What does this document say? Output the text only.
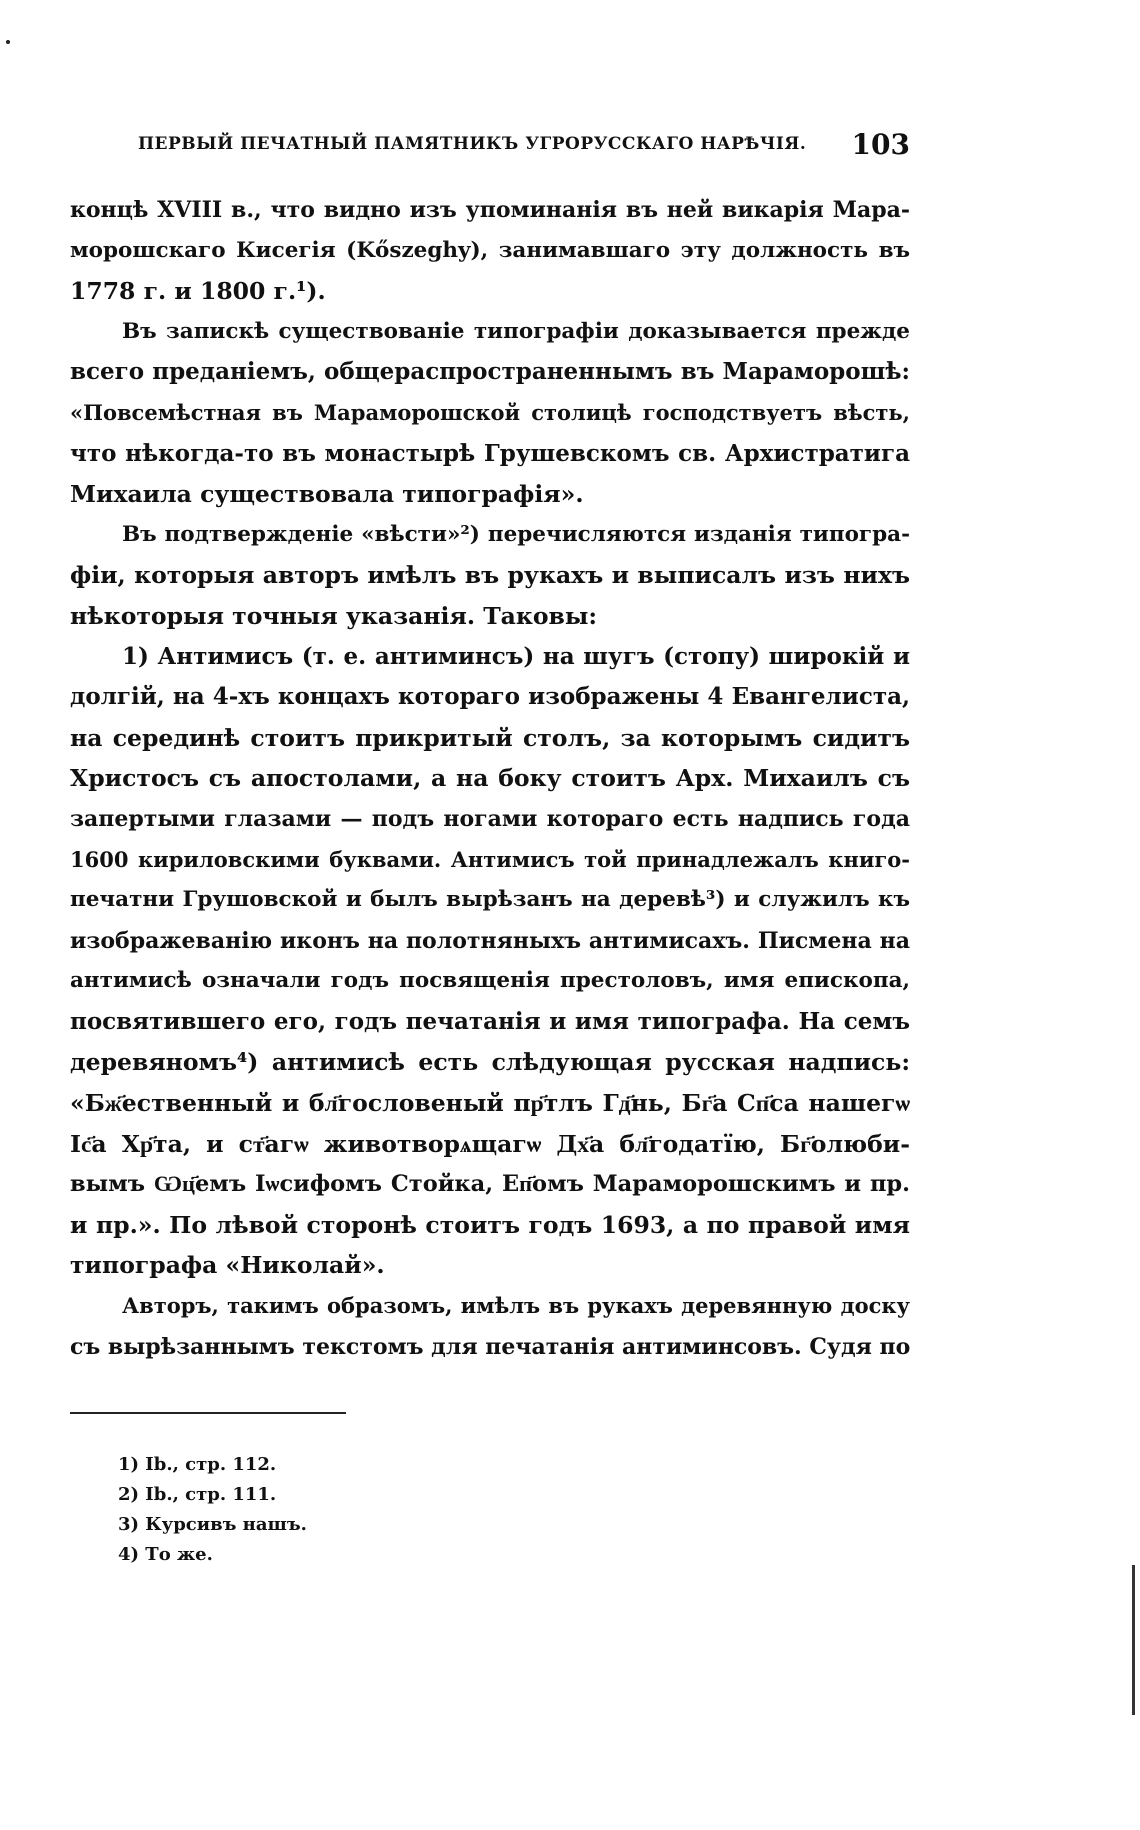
ПЕРВЫЙ ПЕЧАТНЫЙ ПАМЯТНИКЪ УГРОРУССКАГО НАРѢЧІЯ. 103
концѣ XVIII в., что видно изъ упоминанія въ ней викарія Мара-
морошскаго Кисегія (Kőszeghy), занимавшаго эту должность въ
1778 г. и 1800 г.¹).
Въ запискѣ существованіе типографіи доказывается прежде
всего преданіемъ, общераспространеннымъ въ Мараморошѣ:
«Повсемѣстная въ Мараморошской столицѣ господствуетъ вѣсть,
что нѣкогда-то въ монастырѣ Грушевскомъ св. Архистратига
Михаила существовала типографія».
Въ подтвержденіе «вѣсти»²) перечисляются изданія типогра-
фіи, которыя авторъ имѣлъ въ рукахъ и выписалъ изъ нихъ
нѣкоторыя точныя указанія. Таковы:
1) Антимисъ (т. е. антиминсъ) на шугъ (стопу) широкій и
долгій, на 4-хъ концахъ котораго изображены 4 Евангелиста,
на серединѣ стоитъ прикритый столъ, за которымъ сидитъ
Христосъ съ апостолами, а на боку стоитъ Арх. Михаилъ съ
запертыми глазами — подъ ногами котораго есть надпись года
1600 кириловскими буквами. Антимисъ той принадлежалъ книго-
печатни Грушовской и былъ вырѣзанъ на деревѣ³) и служилъ къ
изображеванію иконъ на полотняныхъ антимисахъ. Писмена на
антимисѣ означали годъ посвященія престоловъ, имя епископа,
посвятившего его, годъ печатанія и имя типографа. На семъ
деревяномъ⁴) антимисѣ есть слѣдующая русская надпись:
«Бж҃ественный и бл҃гословеный пр҃тлъ Гд҃нь, Бг҃а Сп҃са нашегѡ
Іс҃а Хр҃та, и ст҃агѡ животворѧщагѡ Дх҃а бл҃годатїю, Бг҃олюби-
вымъ Ѡц҃емъ Іѡсифомъ Стойка, Еп҃омъ Мараморошскимъ и пр.
и пр.». По лѣвой сторонѣ стоитъ годъ 1693, а по правой имя
типографа «Николай».
Авторъ, такимъ образомъ, имѣлъ въ рукахъ деревянную доску
съ вырѣзаннымъ текстомъ для печатанія антиминсовъ. Судя по
1) Ib., стр. 112.
2) Ib., стр. 111.
3) Курсивъ нашъ.
4) То же.
